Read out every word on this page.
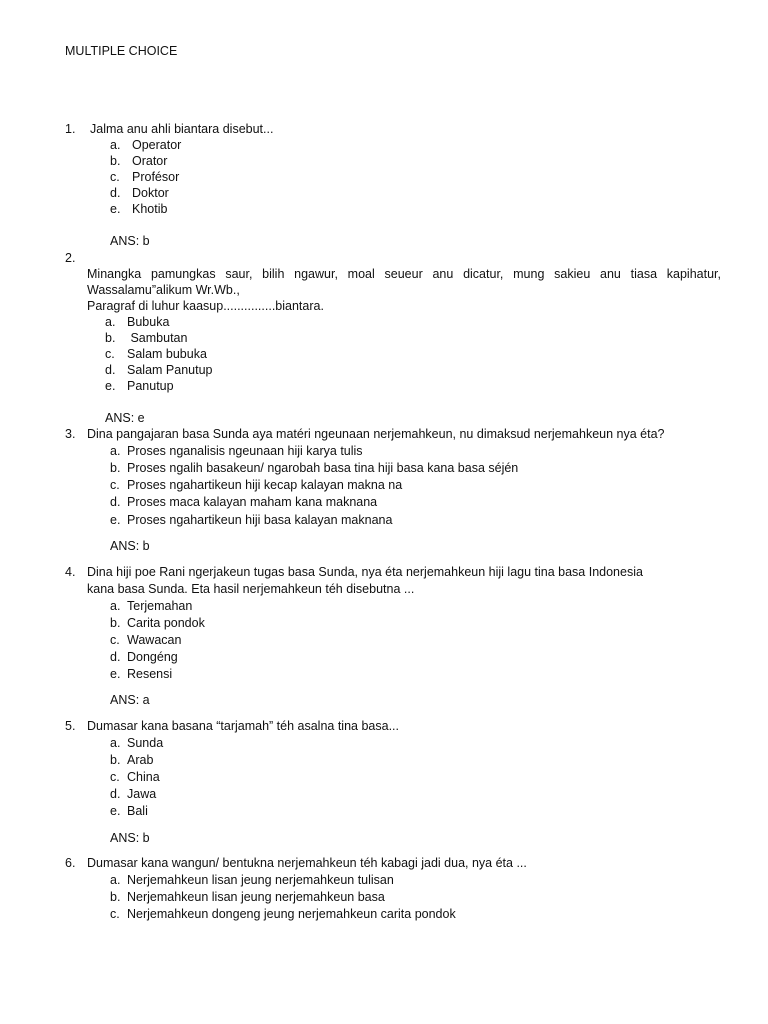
MULTIPLE CHOICE
1. Jalma anu ahli biantara disebut...
a. Operator
b. Orator
c. Profésor
d. Doktor
e. Khotib
ANS: b
2.
Minangka pamungkas saur, bilih ngawur, moal seueur anu dicatur, mung sakieu anu tiasa kapihatur,
Wassalamu”alikum Wr.Wb.,
Paragraf di luhur kaasup...............biantara.
a. Bubuka
b. Sambutan
c. Salam bubuka
d. Salam Panutup
e. Panutup
ANS: e
3. Dina pangajaran basa Sunda aya matéri ngeunaan nerjemahkeun, nu dimaksud nerjemahkeun nya éta?
a. Proses nganalisis ngeunaan hiji karya tulis
b. Proses ngalih basakeun/ ngarobah basa tina hiji basa kana basa séjén
c. Proses ngahartikeun hiji kecap kalayan makna na
d. Proses maca kalayan maham kana maknana
e. Proses ngahartikeun hiji basa kalayan maknana
ANS: b
4. Dina hiji poe Rani ngerjakeun tugas basa Sunda, nya éta nerjemahkeun hiji lagu tina basa Indonesia
kana basa Sunda. Eta hasil nerjemahkeun téh disebutna ...
a. Terjemahan
b. Carita pondok
c. Wawacan
d. Dongéng
e. Resensi
ANS: a
5. Dumasar kana basana “tarjamah” téh asalna tina basa...
a. Sunda
b. Arab
c. China
d. Jawa
e. Bali
ANS: b
6. Dumasar kana wangun/ bentukna nerjemahkeun téh kabagi jadi dua, nya éta ...
a. Nerjemahkeun lisan jeung nerjemahkeun tulisan
b. Nerjemahkeun lisan jeung nerjemahkeun basa
c. Nerjemahkeun dongeng jeung nerjemahkeun carita pondok
